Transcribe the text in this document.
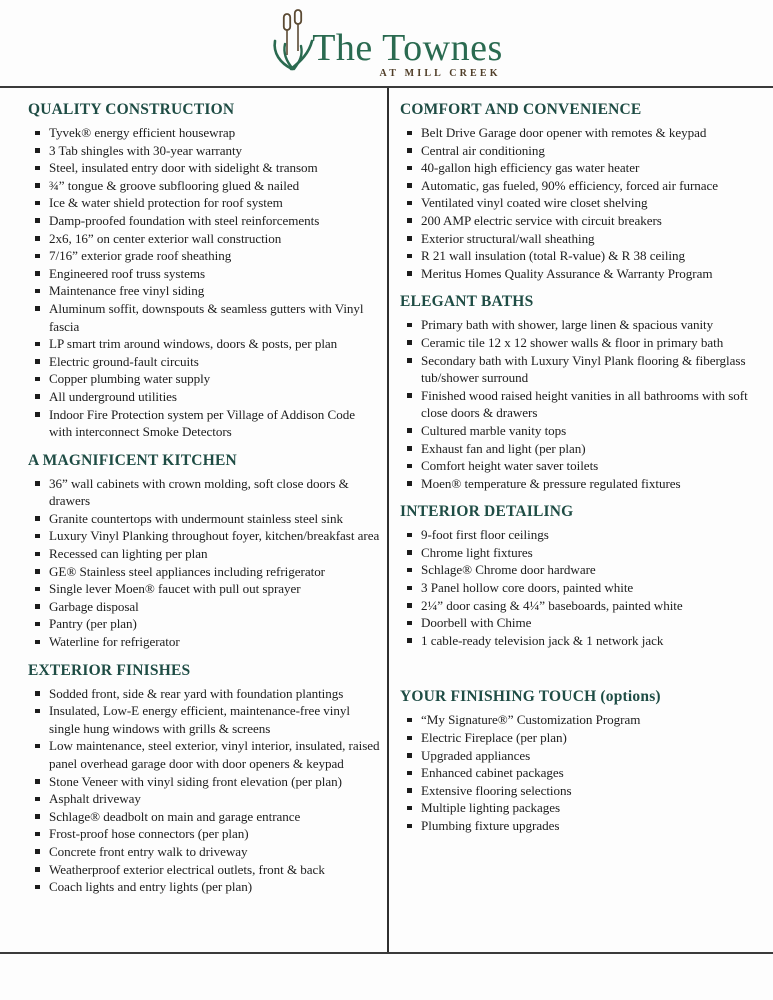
The Townes
AT MILL CREEK
QUALITY CONSTRUCTION
Tyvek® energy efficient housewrap
3 Tab shingles with 30-year warranty
Steel, insulated entry door with sidelight & transom
¾” tongue & groove subflooring glued & nailed
Ice & water shield protection for roof system
Damp-proofed foundation with steel reinforcements
2x6, 16” on center exterior wall construction
7/16” exterior grade roof sheathing
Engineered roof truss systems
Maintenance free vinyl siding
Aluminum soffit, downspouts & seamless gutters with Vinyl fascia
LP smart trim around windows, doors & posts, per plan
Electric ground-fault circuits
Copper plumbing water supply
All underground utilities
Indoor Fire Protection system per Village of Addison Code with interconnect Smoke Detectors
A MAGNIFICENT KITCHEN
36” wall cabinets with crown molding, soft close doors & drawers
Granite countertops with undermount stainless steel sink
Luxury Vinyl Planking throughout foyer, kitchen/breakfast area
Recessed can lighting per plan
GE® Stainless steel appliances including refrigerator
Single lever Moen® faucet with pull out sprayer
Garbage disposal
Pantry (per plan)
Waterline for refrigerator
EXTERIOR FINISHES
Sodded front, side & rear yard with foundation plantings
Insulated, Low-E energy efficient, maintenance-free vinyl single hung windows with grills & screens
Low maintenance, steel exterior, vinyl interior, insulated, raised panel overhead garage door with door openers & keypad
Stone Veneer with vinyl siding front elevation (per plan)
Asphalt driveway
Schlage® deadbolt on main and garage entrance
Frost-proof hose connectors (per plan)
Concrete front entry walk to driveway
Weatherproof exterior electrical outlets, front & back
Coach lights and entry lights (per plan)
COMFORT AND CONVENIENCE
Belt Drive Garage door opener with remotes & keypad
Central air conditioning
40-gallon high efficiency gas water heater
Automatic, gas fueled, 90% efficiency, forced air furnace
Ventilated vinyl coated wire closet shelving
200 AMP electric service with circuit breakers
Exterior structural/wall sheathing
R 21 wall insulation (total R-value) & R 38 ceiling
Meritus Homes Quality Assurance & Warranty Program
ELEGANT BATHS
Primary bath with shower, large linen & spacious vanity
Ceramic tile 12 x 12 shower walls & floor in primary bath
Secondary bath with Luxury Vinyl Plank flooring & fiberglass tub/shower surround
Finished wood raised height vanities in all bathrooms with soft close doors & drawers
Cultured marble vanity tops
Exhaust fan and light (per plan)
Comfort height water saver toilets
Moen® temperature & pressure regulated fixtures
INTERIOR DETAILING
9-foot first floor ceilings
Chrome light fixtures
Schlage® Chrome door hardware
3 Panel hollow core doors, painted white
2¼” door casing & 4¼” baseboards, painted white
Doorbell with Chime
1 cable-ready television jack & 1 network jack
YOUR FINISHING TOUCH (options)
“My Signature®” Customization Program
Electric Fireplace (per plan)
Upgraded appliances
Enhanced cabinet packages
Extensive flooring selections
Multiple lighting packages
Plumbing fixture upgrades
